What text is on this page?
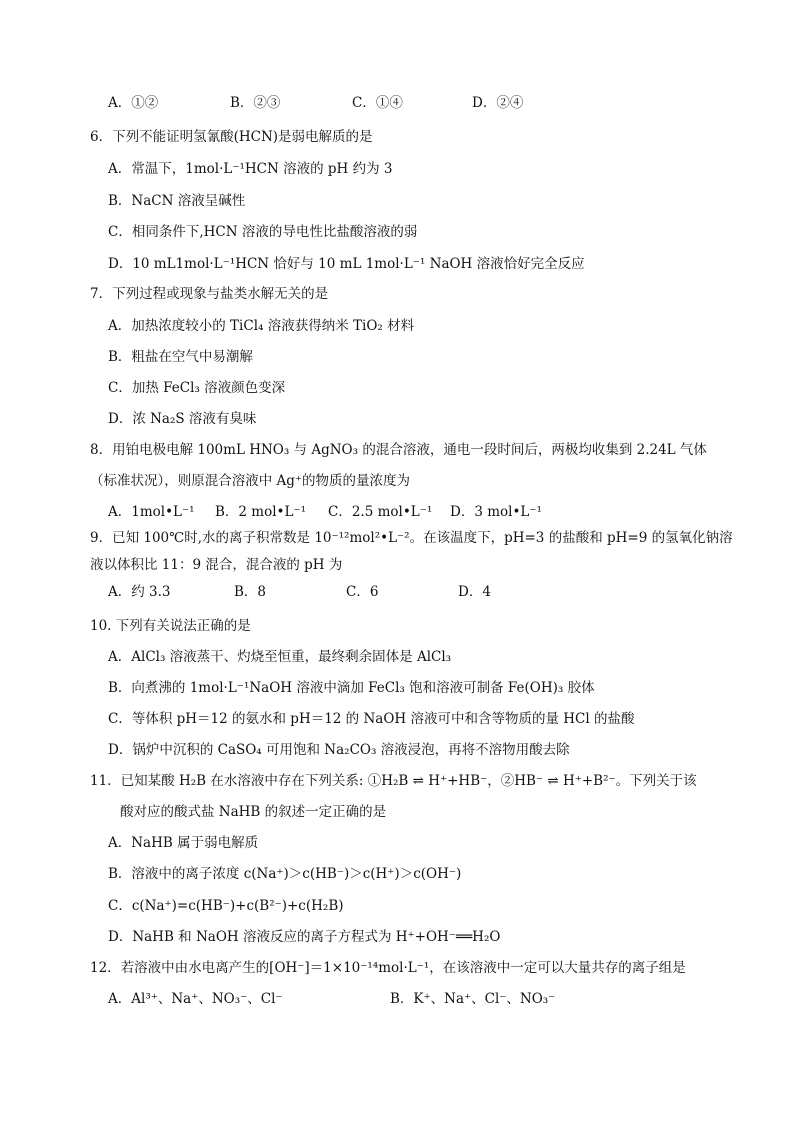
A．①②	B．②③	C．①④	D．②④
6．下列不能证明氢氰酸(HCN)是弱电解质的是
A．常温下，1mol·L⁻¹HCN 溶液的 pH 约为 3
B．NaCN 溶液呈碱性
C．相同条件下,HCN 溶液的导电性比盐酸溶液的弱
D．10 mL1mol·L⁻¹HCN 恰好与 10 mL 1mol·L⁻¹ NaOH 溶液恰好完全反应
7．下列过程或现象与盐类水解无关的是
A．加热浓度较小的 TiCl₄ 溶液获得纳米 TiO₂ 材料
B．粗盐在空气中易潮解
C．加热 FeCl₃ 溶液颜色变深
D．浓 Na₂S 溶液有臭味
8．用铂电极电解 100mL HNO₃ 与 AgNO₃ 的混合溶液，通电一段时间后，两极均收集到 2.24L 气体
（标准状况），则原混合溶液中 Ag⁺的物质的量浓度为
A．1mol•L⁻¹ B．2 mol•L⁻¹ C．2.5 mol•L⁻¹ D．3 mol•L⁻¹
9．已知 100℃时,水的离子积常数是 10⁻¹²mol²•L⁻²。在该温度下，pH=3 的盐酸和 pH=9 的氢氧化钠溶
液以体积比 11：9 混合，混合液的 pH 为
A．约 3.3	B．8	C．6	D．4
10. 下列有关说法正确的是
A．AlCl₃ 溶液蒸干、灼烧至恒重，最终剩余固体是 AlCl₃
B．向煮沸的 1mol·L⁻¹NaOH 溶液中滴加 FeCl₃ 饱和溶液可制备 Fe(OH)₃ 胶体
C．等体积 pH＝12 的氨水和 pH＝12 的 NaOH 溶液可中和含等物质的量 HCl 的盐酸
D．锅炉中沉积的 CaSO₄ 可用饱和 Na₂CO₃ 溶液浸泡，再将不溶物用酸去除
11．已知某酸 H₂B 在水溶液中存在下列关系: ①H₂B ⇌ H⁺+HB⁻，②HB⁻ ⇌ H⁺+B²⁻。下列关于该
酸对应的酸式盐 NaHB 的叙述一定正确的是
A．NaHB 属于弱电解质
B．溶液中的离子浓度 c(Na⁺)＞c(HB⁻)＞c(H⁺)＞c(OH⁻)
C．c(Na⁺)=c(HB⁻)+c(B²⁻)+c(H₂B)
D．NaHB 和 NaOH 溶液反应的离子方程式为 H⁺+OH⁻══H₂O
12．若溶液中由水电离产生的[OH⁻]＝1×10⁻¹⁴mol·L⁻¹，在该溶液中一定可以大量共存的离子组是
A．Al³⁺、Na⁺、NO₃⁻、Cl⁻	B．K⁺、Na⁺、Cl⁻、NO₃⁻
